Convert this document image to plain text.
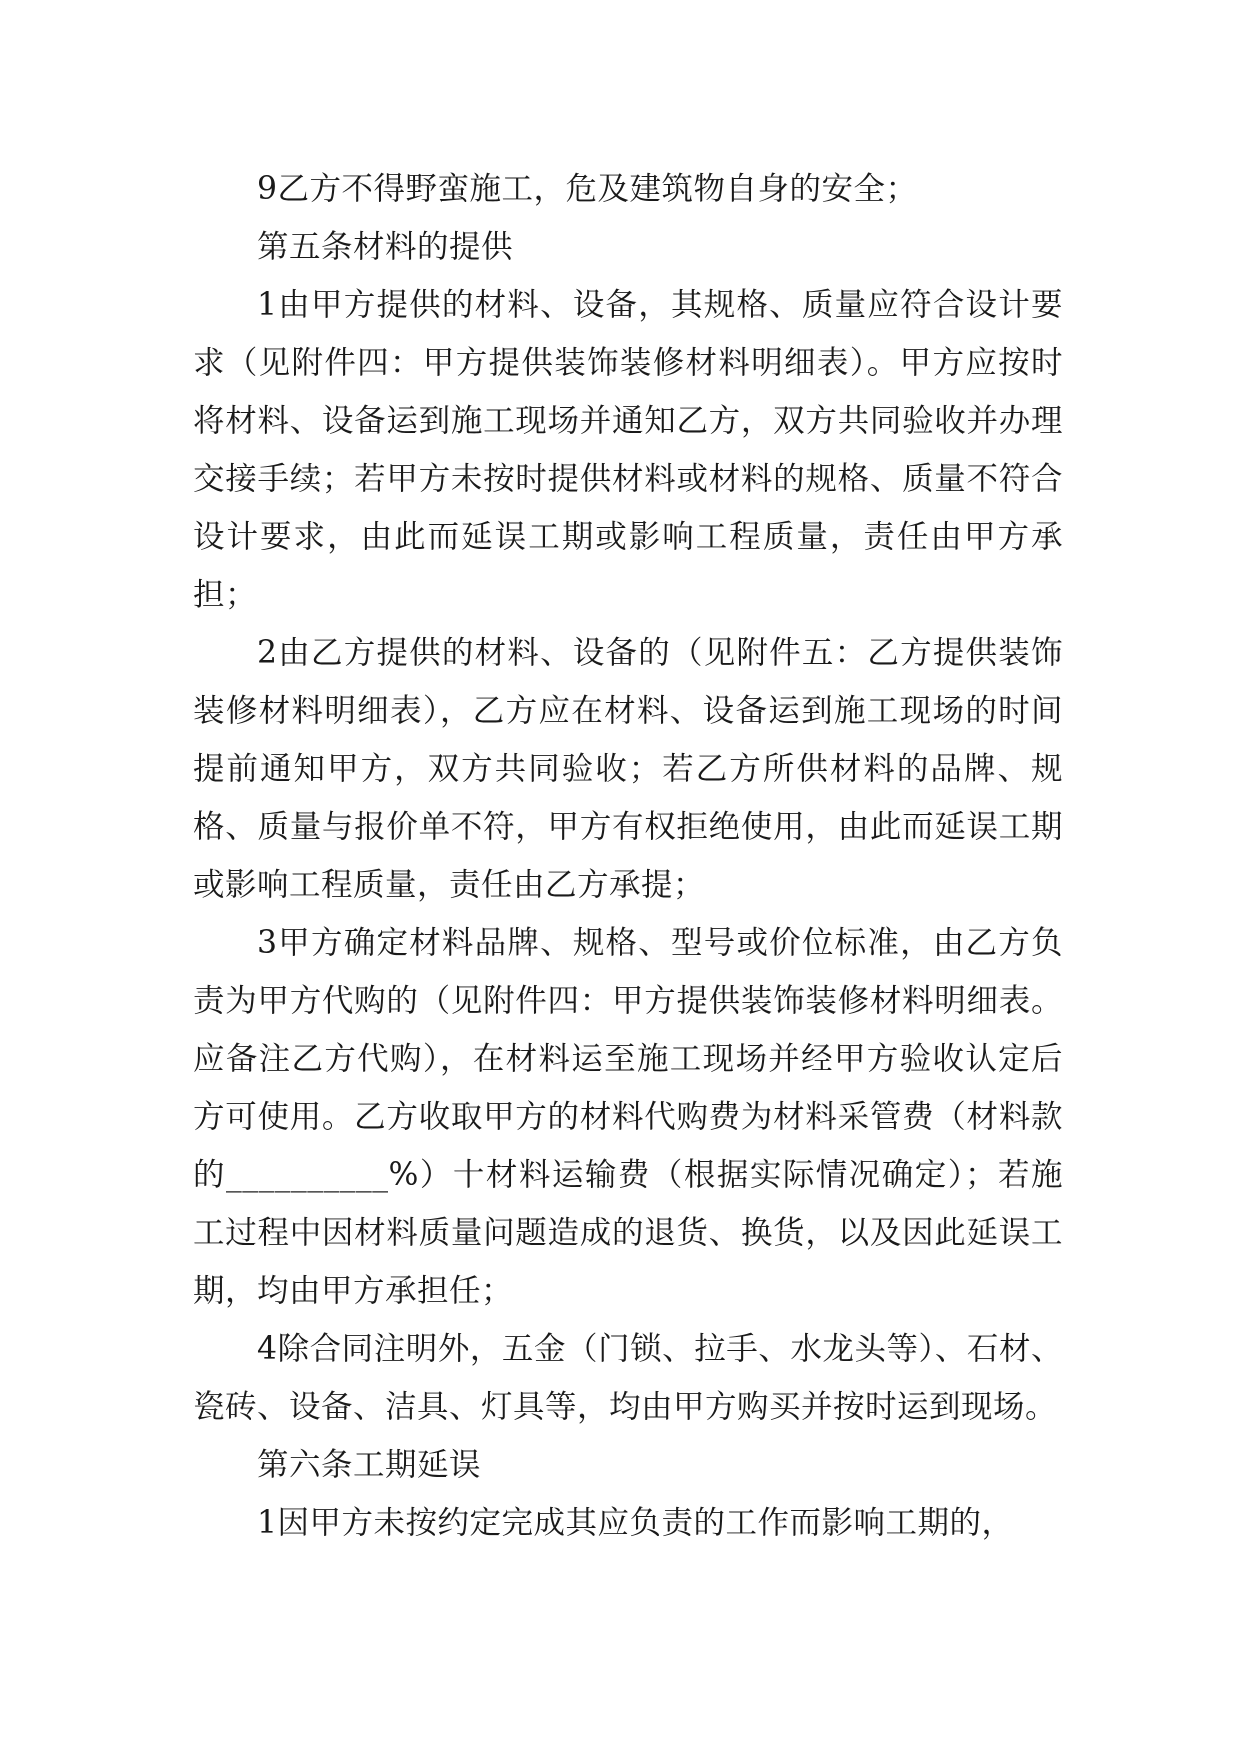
9乙方不得野蛮施工，危及建筑物自身的安全；

第五条材料的提供

1由甲方提供的材料、设备，其规格、质量应符合设计要求（见附件四：甲方提供装饰装修材料明细表）。甲方应按时将材料、设备运到施工现场并通知乙方，双方共同验收并办理交接手续；若甲方未按时提供材料或材料的规格、质量不符合设计要求，由此而延误工期或影响工程质量，责任由甲方承担；

2由乙方提供的材料、设备的（见附件五：乙方提供装饰装修材料明细表），乙方应在材料、设备运到施工现场的时间提前通知甲方，双方共同验收；若乙方所供材料的品牌、规格、质量与报价单不符，甲方有权拒绝使用，由此而延误工期或影响工程质量，责任由乙方承提；

3甲方确定材料品牌、规格、型号或价位标准，由乙方负责为甲方代购的（见附件四：甲方提供装饰装修材料明细表。应备注乙方代购），在材料运至施工现场并经甲方验收认定后方可使用。乙方收取甲方的材料代购费为材料采管费（材料款的__________%）十材料运输费（根据实际情况确定）；若施工过程中因材料质量问题造成的退货、换货，以及因此延误工期，均由甲方承担任；

4除合同注明外，五金（门锁、拉手、水龙头等）、石材、瓷砖、设备、洁具、灯具等，均由甲方购买并按时运到现场。

第六条工期延误

1因甲方未按约定完成其应负责的工作而影响工期的，
